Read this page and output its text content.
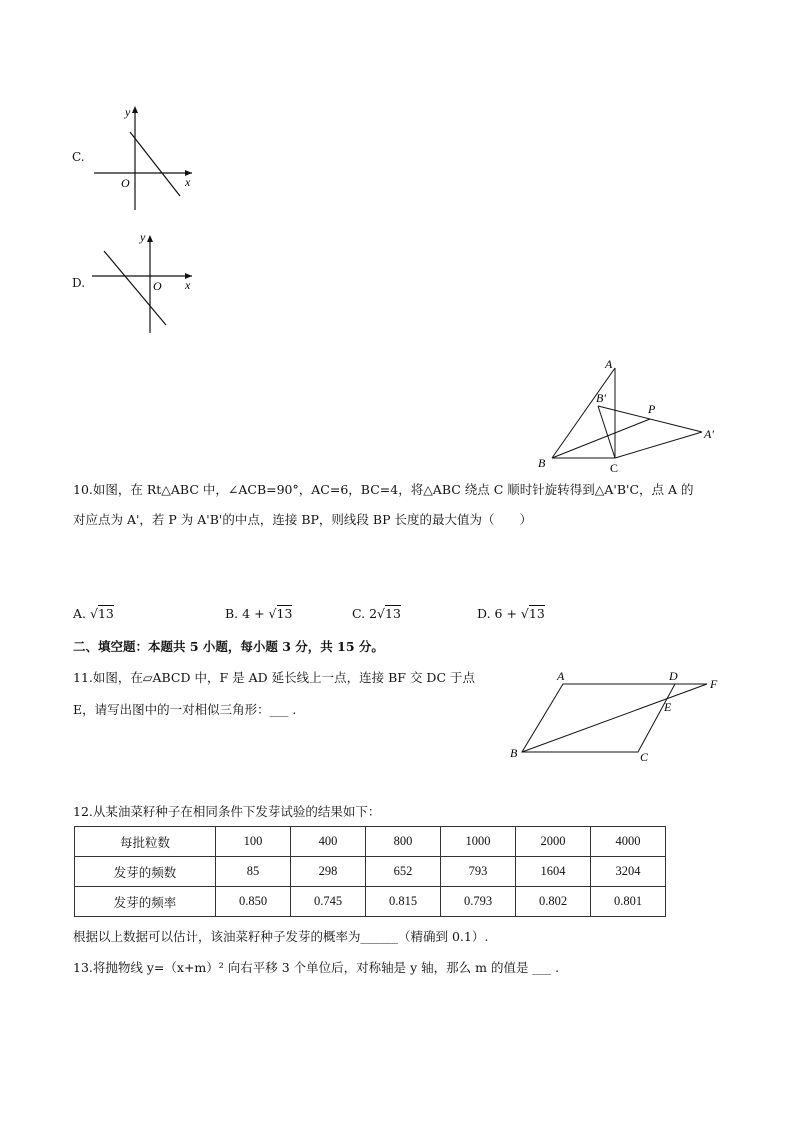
C.
y
x
O
D.
y
x
O
A
B′
P
A′
B	C
10.如图，在 Rt△ABC 中，∠ACB=90°，AC=6，BC=4，将△ABC 绕点 C 顺时针旋转得到△A'B'C，点 A 的
对应点为 A'，若 P 为 A'B'的中点，连接 BP，则线段 BP 长度的最大值为（　　）
A. √13	B. 4 + √13	C. 2√13	D. 6 + √13
二、填空题：本题共 5 小题，每小题 3 分，共 15 分。
11.如图，在▱ABCD 中，F 是 AD 延长线上一点，连接 BF 交 DC 于点
E，请写出图中的一对相似三角形：___ .
A	D
F
E
B	C
12.从某油菜籽种子在相同条件下发芽试验的结果如下：
每批粒数	100	400	800	1000	2000	4000
发芽的频数	85	298	652	793	1604	3204
发芽的频率	0.850	0.745	0.815	0.793	0.802	0.801
根据以上数据可以估计，该油菜籽种子发芽的概率为______（精确到 0.1）.
13.将抛物线 y=（x+m）² 向右平移 3 个单位后，对称轴是 y 轴，那么 m 的值是 ___ .
